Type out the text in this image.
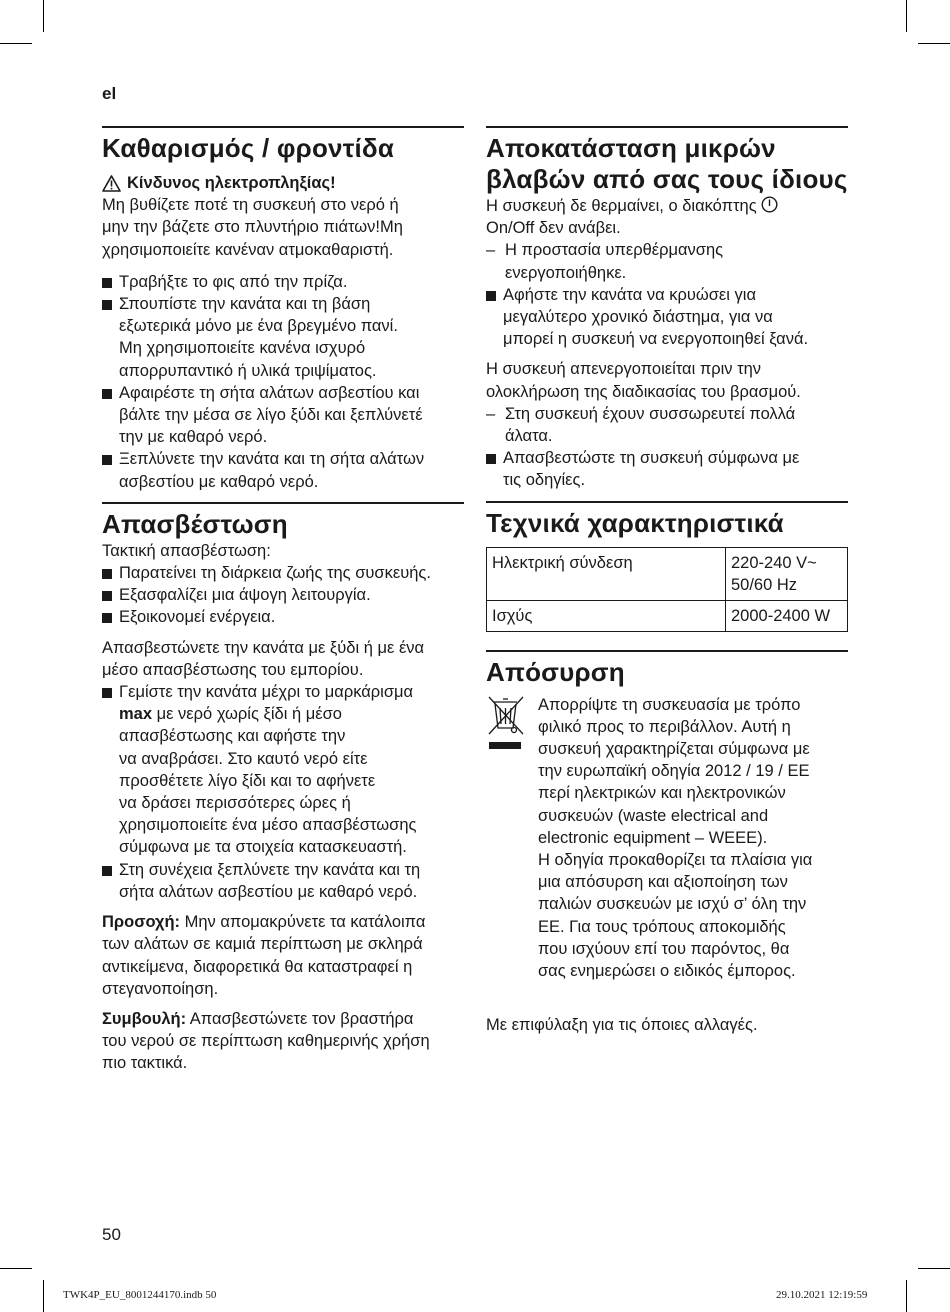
el
Καθαρισμός / φροντίδα
Κίνδυνος ηλεκτροπληξίας!

Μη βυθίζετε ποτέ τη συσκευή στο νερό ή
μην την βάζετε στο πλυντήριο πιάτων!Μη
χρησιμοποιείτε κανέναν ατμοκαθαριστή.

Τραβήξτε το φις από την πρίζα.
Σπουπίστε την κανάτα και τη βάση
εξωτερικά μόνο με ένα βρεγμένο πανί.
Μη χρησιμοποιείτε κανένα ισχυρό
απορρυπαντικό ή υλικά τριψίματος.
Αφαιρέστε τη σήτα αλάτων ασβεστίου και
βάλτε την μέσα σε λίγο ξύδι και ξεπλύνετέ
την με καθαρό νερό.
Ξεπλύνετε την κανάτα και τη σήτα αλάτων
ασβεστίου με καθαρό νερό.
Απασβέστωση

Τακτική απασβέστωση:

Παρατείνει τη διάρκεια ζωής της συσκευής.
Εξασφαλίζει μια άψογη λειτουργία.
Εξοικονομεί ενέργεια.

Απασβεστώνετε την κανάτα με ξύδι ή με ένα
μέσο απασβέστωσης του εμπορίου.

Γεμίστε την κανάτα μέχρι το μαρκάρισμα
max με νερό χωρίς ξίδι ή μέσο
απασβέστωσης και αφήστε την
να αναβράσει. Στο καυτό νερό είτε
προσθέτετε λίγο ξίδι και το αφήνετε
να δράσει περισσότερες ώρες ή
χρησιμοποιείτε ένα μέσο απασβέστωσης
σύμφωνα με τα στοιχεία κατασκευαστή.
Στη συνέχεια ξεπλύνετε την κανάτα και τη
σήτα αλάτων ασβεστίου με καθαρό νερό.

Προσοχή: Μην απομακρύνετε τα κατάλοιπα
των αλάτων σε καμιά περίπτωση με σκληρά
αντικείμενα, διαφορετικά θα καταστραφεί η
στεγανοποίηση.

Συμβουλή: Απασβεστώνετε τον βραστήρα
του νερού σε περίπτωση καθημερινής χρήση
πιο τακτικά.

Αποκατάσταση μικρών
βλαβών από σας τους ίδιους

Η συσκευή δε θερμαίνει, ο διακόπτης
On/Off δεν ανάβει.

– Η προστασία υπερθέρμανσης
ενεργοποιήθηκε.
Αφήστε την κανάτα να κρυώσει για
μεγαλύτερο χρονικό διάστημα, για να
μπορεί η συσκευή να ενεργοποιηθεί ξανά.

Η συσκευή απενεργοποιείται πριν την
ολοκλήρωση της διαδικασίας του βρασμού.

– Στη συσκευή έχουν συσσωρευτεί πολλά
άλατα.
Απασβεστώστε τη συσκευή σύμφωνα με
τις οδηγίες.
Τεχνικά χαρακτηριστικά
Ηλεκτρική σύνδεση	220-240 V~
50/60 Hz
Ισχύς	2000-2400 W
Απόσυρση
Απορρίψτε τη συσκευασία με τρόπο
φιλικό προς το περιβάλλον. Αυτή η
συσκευή χαρακτηρίζεται σύμφωνα με
την ευρωπαϊκή οδηγία 2012 / 19 / ΕΕ
περί ηλεκτρικών και ηλεκτρονικών
συσκευών (waste electrical and
electronic equipment – WEEE).
Η οδηγία προκαθορίζει τα πλαίσια για
μια απόσυρση και αξιοποίηση των
παλιών συσκευών με ισχύ σ’ όλη την
ΕΕ. Για τους τρόπους αποκομιδής
που ισχύουν επί του παρόντος, θα
σας ενημερώσει ο ειδικός έμπορος.
Με επιφύλαξη για τις όποιες αλλαγές.
50
TWK4P_EU_8001244170.indb 50	29.10.2021 12:19:59
